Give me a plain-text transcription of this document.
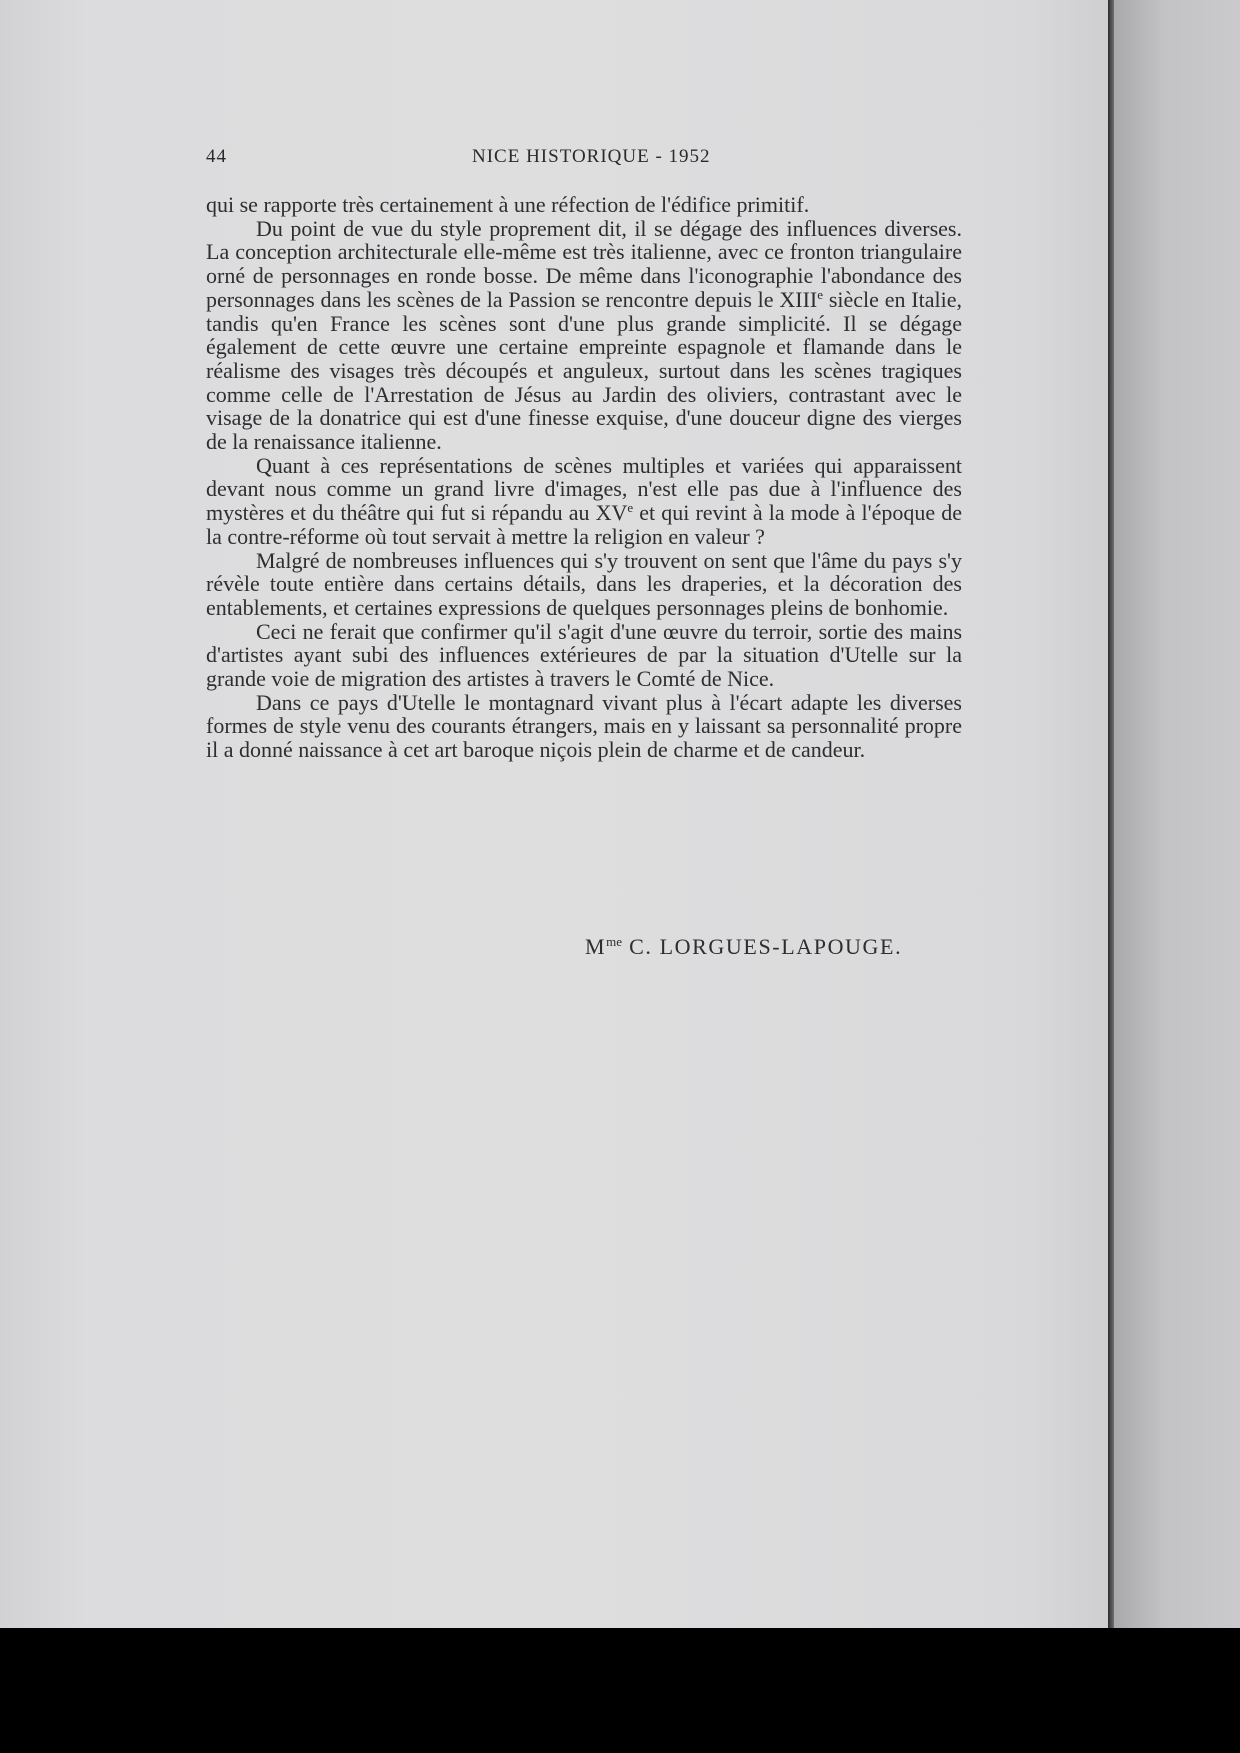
44	NICE HISTORIQUE - 1952

qui se rapporte très certainement à une réfection de l'édifice primitif.

Du point de vue du style proprement dit, il se dégage des influences diverses. La conception architecturale elle-même est très italienne, avec ce fronton triangulaire orné de personnages en ronde bosse. De même dans l'iconographie l'abondance des personnages dans les scènes de la Passion se rencontre depuis le XIIIe siècle en Italie, tandis qu'en France les scènes sont d'une plus grande simplicité. Il se dégage également de cette œuvre une certaine empreinte espagnole et flamande dans le réalisme des visages très découpés et anguleux, surtout dans les scènes tragiques comme celle de l'Arrestation de Jésus au Jardin des oliviers, contrastant avec le visage de la donatrice qui est d'une finesse exquise, d'une douceur digne des vierges de la renaissance italienne.

Quant à ces représentations de scènes multiples et variées qui apparaissent devant nous comme un grand livre d'images, n'est elle pas due à l'influence des mystères et du théâtre qui fut si répandu au XVe et qui revint à la mode à l'époque de la contre-réforme où tout servait à mettre la religion en valeur ?

Malgré de nombreuses influences qui s'y trouvent on sent que l'âme du pays s'y révèle toute entière dans certains détails, dans les draperies, et la décoration des entablements, et certaines expressions de quelques personnages pleins de bonhomie.

Ceci ne ferait que confirmer qu'il s'agit d'une œuvre du terroir, sortie des mains d'artistes ayant subi des influences extérieures de par la situation d'Utelle sur la grande voie de migration des artistes à travers le Comté de Nice.

Dans ce pays d'Utelle le montagnard vivant plus à l'écart adapte les diverses formes de style venu des courants étrangers, mais en y laissant sa personnalité propre il a donné naissance à cet art baroque niçois plein de charme et de candeur.

$M^{me}$ C. LORGUES-LAPOUGE.
